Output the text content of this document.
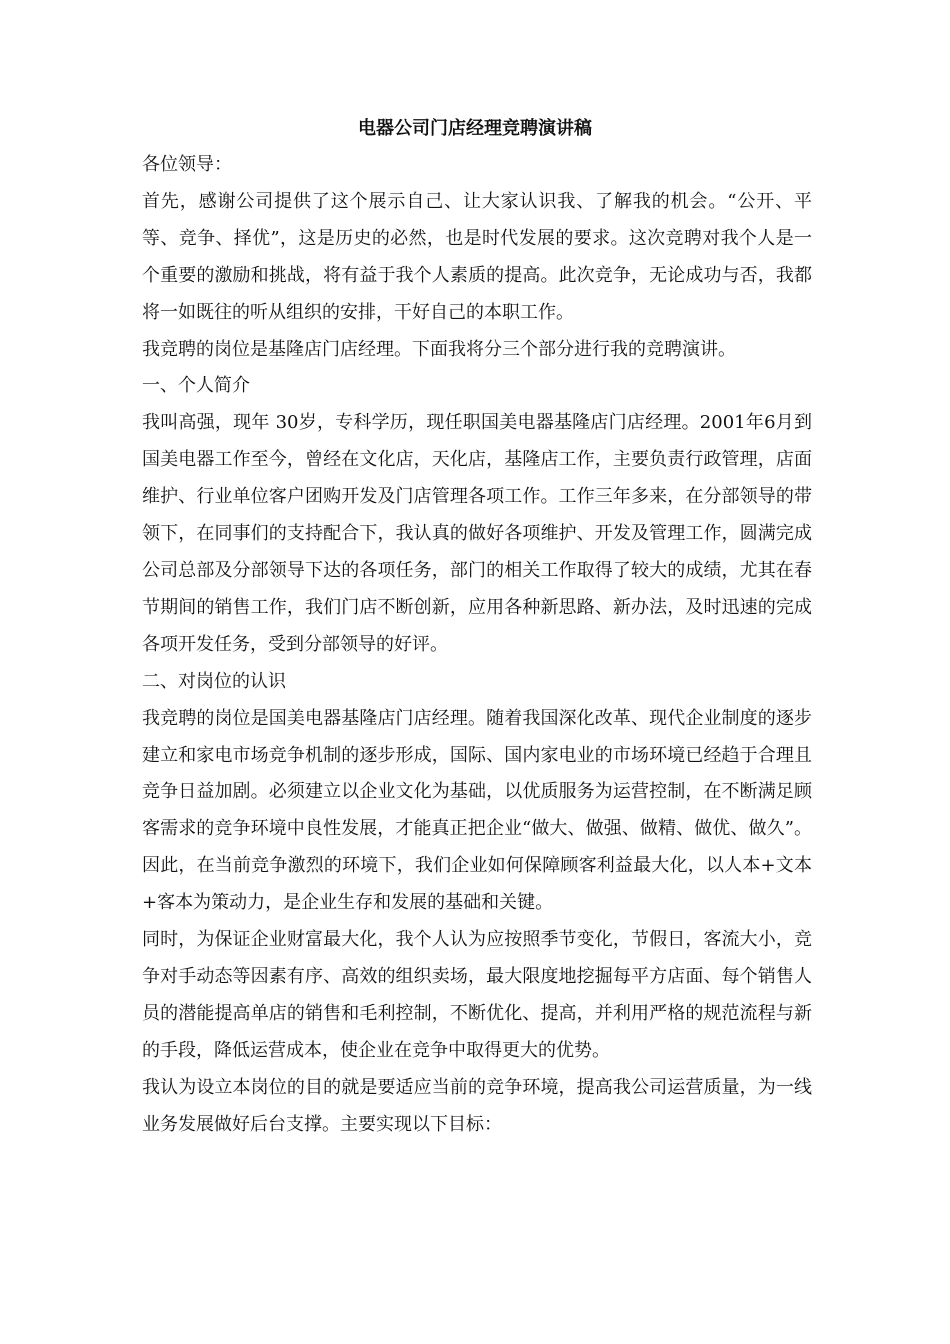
电器公司门店经理竞聘演讲稿

各位领导：

首先，感谢公司提供了这个展示自己、让大家认识我、了解我的机会。“公开、平等、竞争、择优”，这是历史的必然，也是时代发展的要求。这次竞聘对我个人是一个重要的激励和挑战，将有益于我个人素质的提高。此次竞争，无论成功与否，我都将一如既往的听从组织的安排，干好自己的本职工作。

我竞聘的岗位是基隆店门店经理。下面我将分三个部分进行我的竞聘演讲。

一、个人简介

我叫高强，现年 30岁，专科学历，现任职国美电器基隆店门店经理。2001年6月到国美电器工作至今，曾经在文化店，天化店，基隆店工作，主要负责行政管理，店面维护、行业单位客户团购开发及门店管理各项工作。工作三年多来，在分部领导的带领下，在同事们的支持配合下，我认真的做好各项维护、开发及管理工作，圆满完成公司总部及分部领导下达的各项任务，部门的相关工作取得了较大的成绩，尤其在春节期间的销售工作，我们门店不断创新，应用各种新思路、新办法，及时迅速的完成各项开发任务，受到分部领导的好评。

二、对岗位的认识

我竞聘的岗位是国美电器基隆店门店经理。随着我国深化改革、现代企业制度的逐步建立和家电市场竞争机制的逐步形成，国际、国内家电业的市场环境已经趋于合理且竞争日益加剧。必须建立以企业文化为基础，以优质服务为运营控制，在不断满足顾客需求的竞争环境中良性发展，才能真正把企业“做大、做强、做精、做优、做久”。因此，在当前竞争激烈的环境下，我们企业如何保障顾客利益最大化，以人本+文本+客本为策动力，是企业生存和发展的基础和关键。

同时，为保证企业财富最大化，我个人认为应按照季节变化，节假日，客流大小，竞争对手动态等因素有序、高效的组织卖场，最大限度地挖掘每平方店面、每个销售人员的潜能提高单店的销售和毛利控制，不断优化、提高，并利用严格的规范流程与新的手段，降低运营成本，使企业在竞争中取得更大的优势。

我认为设立本岗位的目的就是要适应当前的竞争环境，提高我公司运营质量，为一线业务发展做好后台支撑。主要实现以下目标：
